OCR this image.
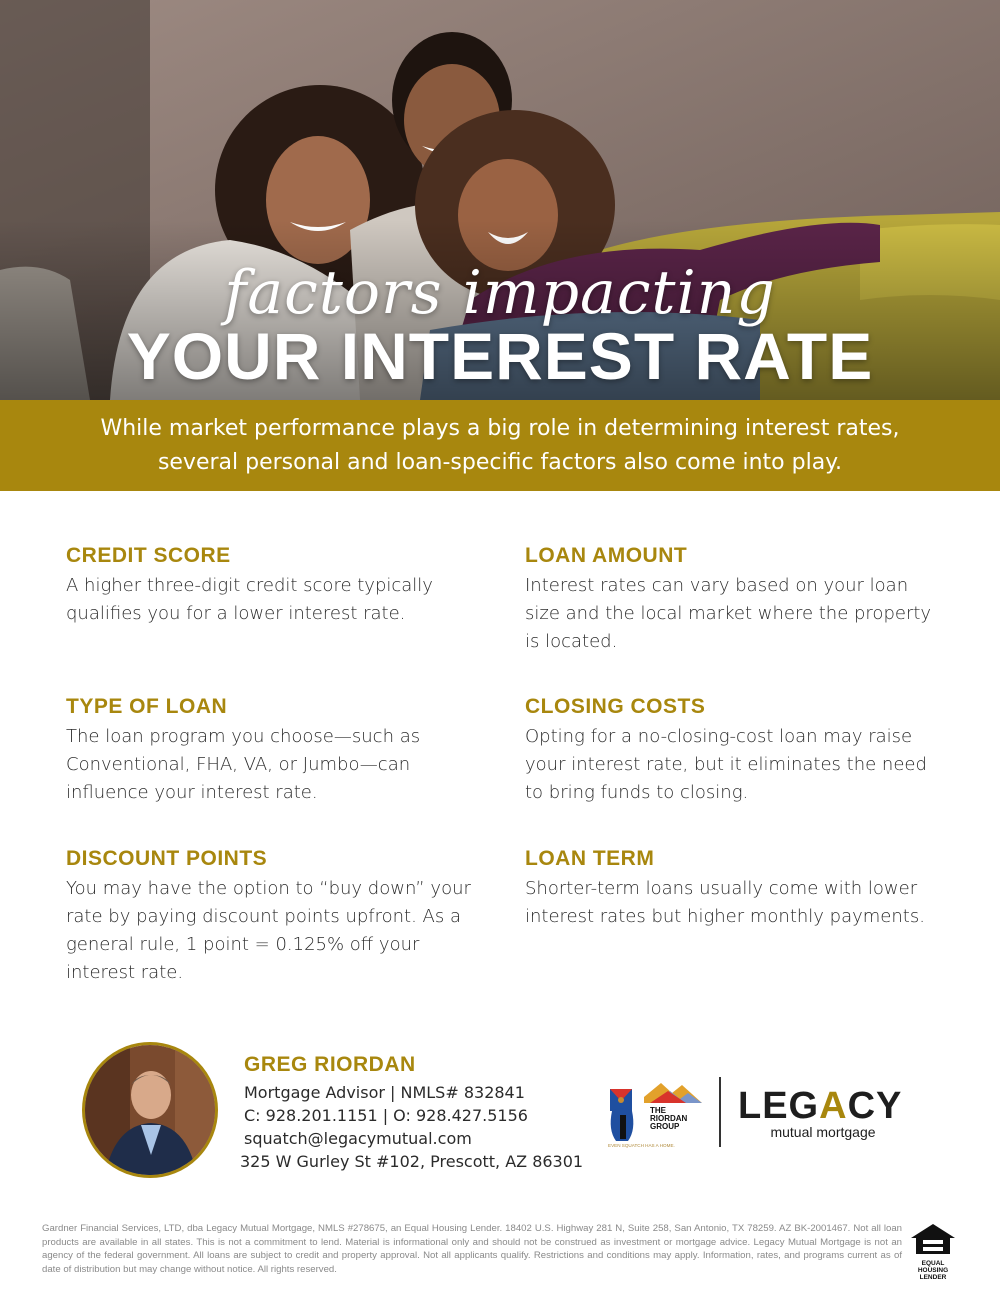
factors impacting
YOUR INTEREST RATE
While market performance plays a big role in determining interest rates,
several personal and loan-specific factors also come into play.
CREDIT SCORE

A higher three-digit credit score typically qualifies you for a lower interest rate.

LOAN AMOUNT

Interest rates can vary based on your loan size and the local market where the property is located.

TYPE OF LOAN

The loan program you choose—such as Conventional, FHA, VA, or Jumbo—can influence your interest rate.

CLOSING COSTS

Opting for a no-closing-cost loan may raise your interest rate, but it eliminates the need to bring funds to closing.

DISCOUNT POINTS

You may have the option to “buy down” your rate by paying discount points upfront. As a general rule, 1 point = 0.125% off your interest rate.

LOAN TERM

Shorter-term loans usually come with lower interest rates but higher monthly payments.

GREG RIORDAN
Mortgage Advisor | NMLS# 832841
C: 928.201.1151 | O: 928.427.5156
squatch@legacymutual.com
325 W Gurley St #102, Prescott, AZ 86301
THE
RIORDAN
GROUP
EVEN SQUATCH HAS A HOME.
LEGACY
mutual mortgage
Gardner Financial Services, LTD, dba Legacy Mutual Mortgage, NMLS #278675, an Equal Housing Lender. 18402 U.S. Highway 281 N, Suite 258, San Antonio, TX 78259. AZ BK-2001467. Not all loan products are available in all states. This is not a commitment to lend. Material is informational only and should not be construed as investment or mortgage advice. Legacy Mutual Mortgage is not an agency of the federal government. All loans are subject to credit and property approval. Not all applicants qualify. Restrictions and conditions may apply. Information, rates, and programs current as of date of distribution but may change without notice. All rights reserved.	EQUAL HOUSING
LENDER
